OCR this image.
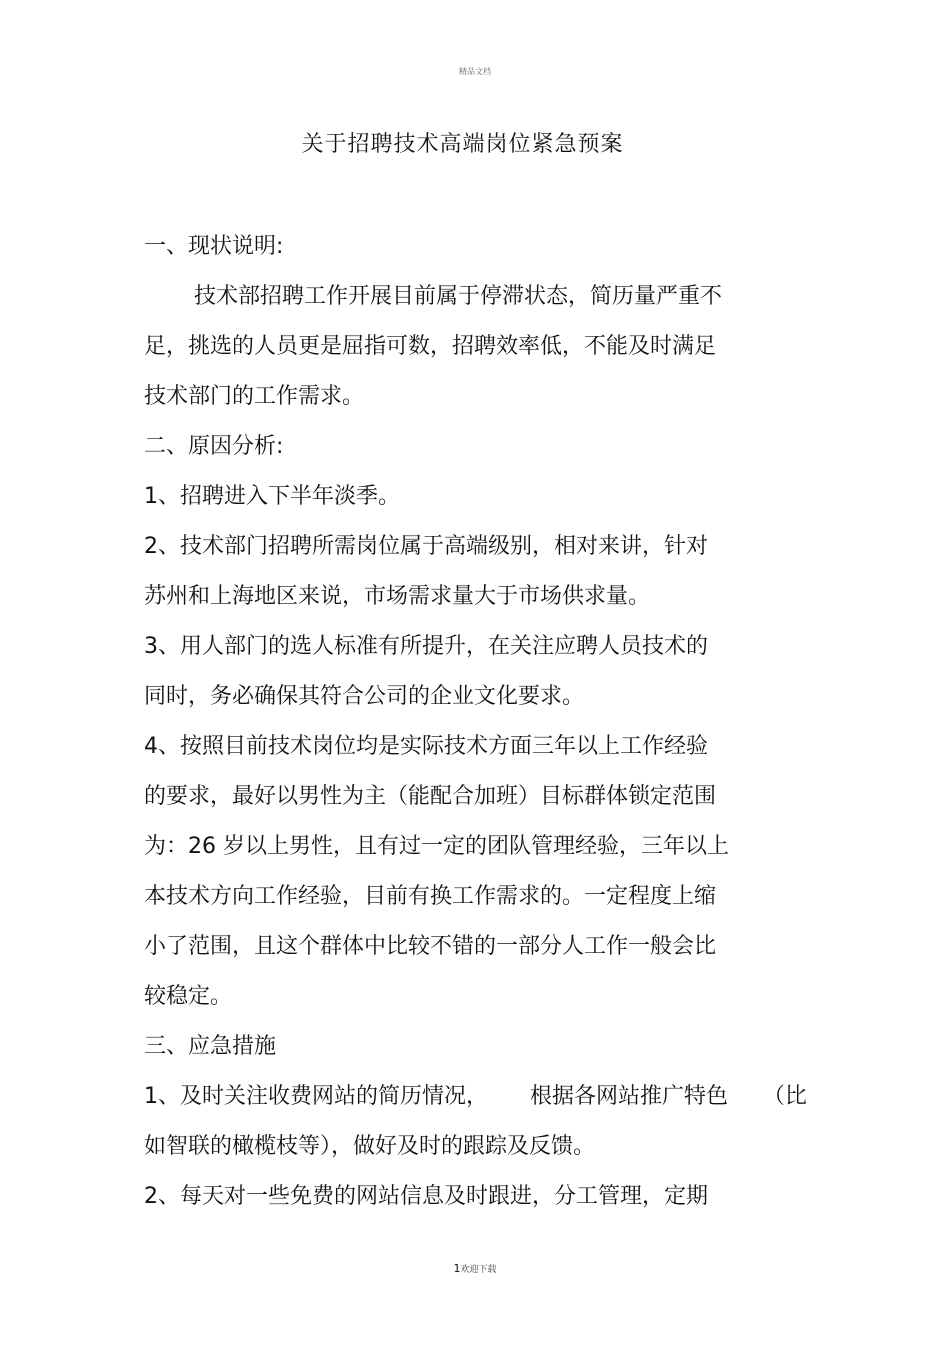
精品文档
关于招聘技术高端岗位紧急预案
一、现状说明:
技术部招聘工作开展目前属于停滞状态，简历量严重不
足，挑选的人员更是屈指可数，招聘效率低，不能及时满足
技术部门的工作需求。
二、原因分析:
1、招聘进入下半年淡季。
2、技术部门招聘所需岗位属于高端级别，相对来讲，针对
苏州和上海地区来说，市场需求量大于市场供求量。
3、用人部门的选人标准有所提升，在关注应聘人员技术的
同时，务必确保其符合公司的企业文化要求。
4、按照目前技术岗位均是实际技术方面三年以上工作经验
的要求，最好以男性为主（能配合加班）目标群体锁定范围
为：26 岁以上男性，且有过一定的团队管理经验，三年以上
本技术方向工作经验，目前有换工作需求的。一定程度上缩
小了范围，且这个群体中比较不错的一部分人工作一般会比
较稳定。
三、应急措施
1、及时关注收费网站的简历情况，      根据各网站推广特色     （比
如智联的橄榄枝等），做好及时的跟踪及反馈。
2、每天对一些免费的网站信息及时跟进，分工管理，定期
1欢迎下载
